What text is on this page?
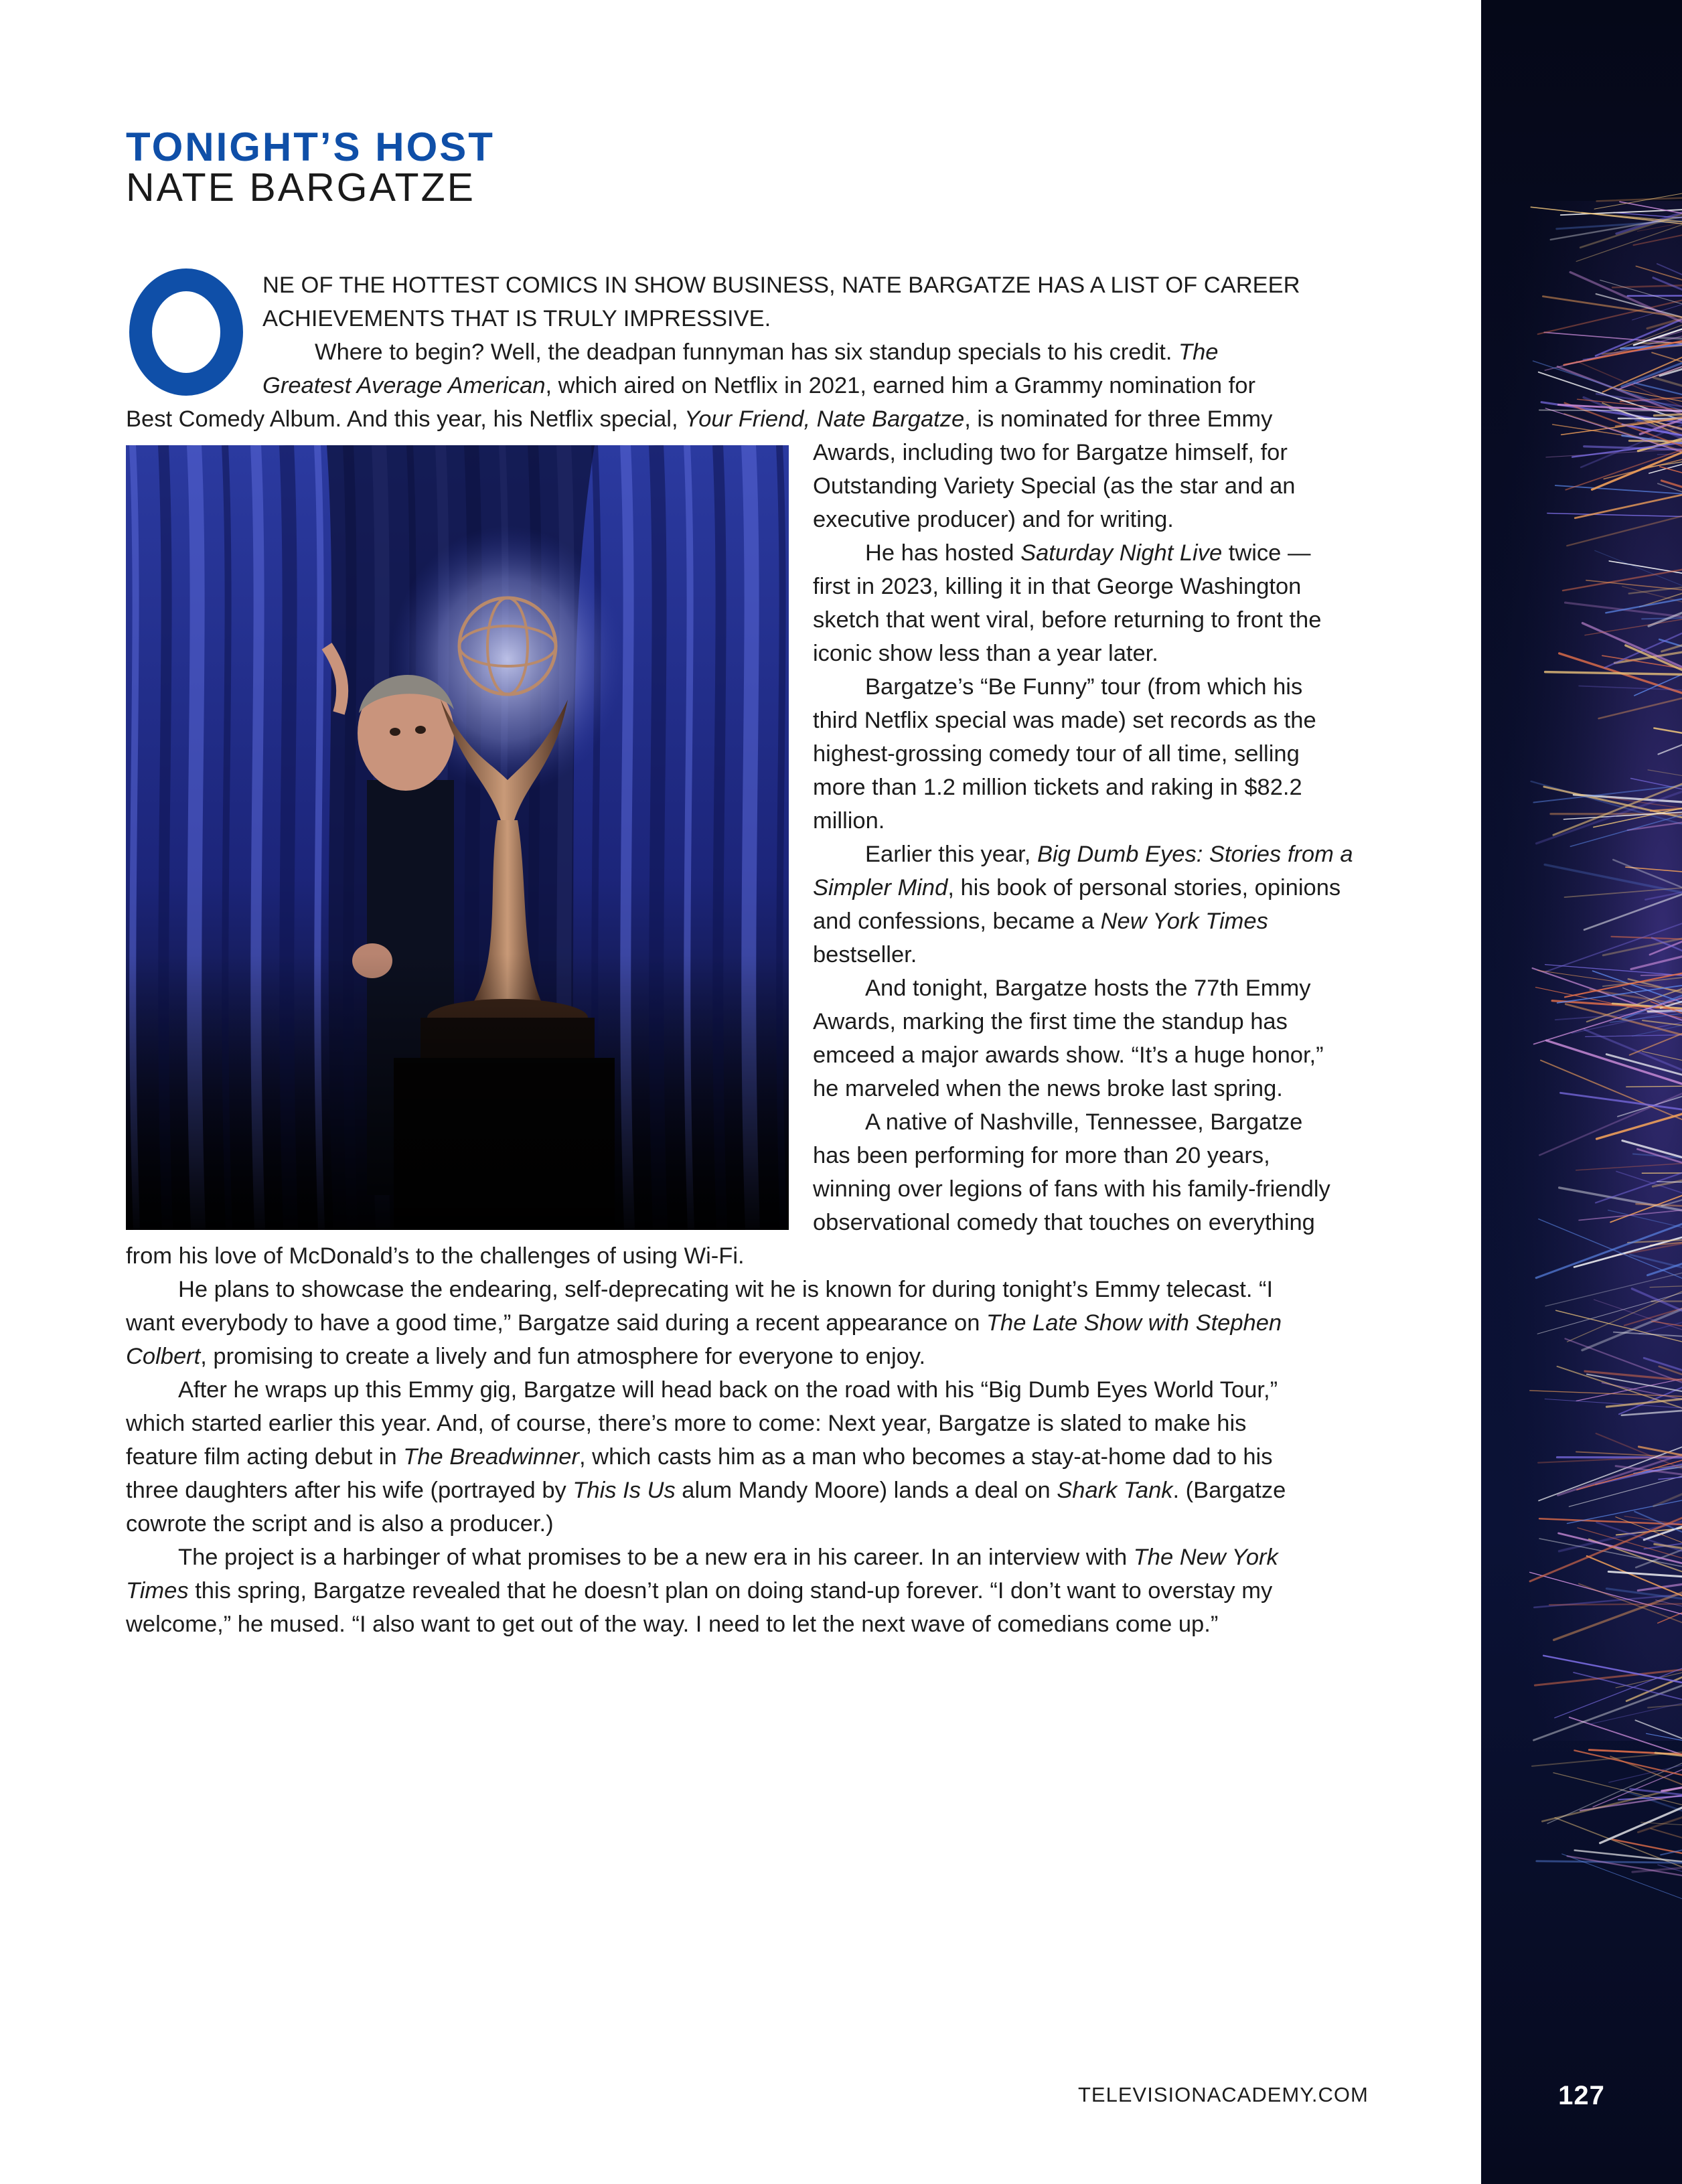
127
TONIGHT’S HOST
NATE BARGATZE
NE OF THE HOTTEST COMICS IN SHOW BUSINESS, NATE BARGATZE HAS A LIST OF CAREER
ACHIEVEMENTS THAT IS TRULY IMPRESSIVE.
Where to begin? Well, the deadpan funnyman has six standup specials to his credit. The
Greatest Average American, which aired on Netflix in 2021, earned him a Grammy nomination for
Best Comedy Album. And this year, his Netflix special, Your Friend, Nate Bargatze, is nominated for three Emmy
Awards, including two for Bargatze himself, for
Outstanding Variety Special (as the star and an
executive producer) and for writing.
He has hosted Saturday Night Live twice —
first in 2023, killing it in that George Washington
sketch that went viral, before returning to front the
iconic show less than a year later.
Bargatze’s “Be Funny” tour (from which his
third Netflix special was made) set records as the
highest-grossing comedy tour of all time, selling
more than 1.2 million tickets and raking in $82.2
million.
Earlier this year, Big Dumb Eyes: Stories from a
Simpler Mind, his book of personal stories, opinions
and confessions, became a New York Times
bestseller.
And tonight, Bargatze hosts the 77th Emmy
Awards, marking the first time the standup has
emceed a major awards show. “It’s a huge honor,”
he marveled when the news broke last spring.
A native of Nashville, Tennessee, Bargatze
has been performing for more than 20 years,
winning over legions of fans with his family-friendly
observational comedy that touches on everything
from his love of McDonald’s to the challenges of using Wi-Fi.
He plans to showcase the endearing, self-deprecating wit he is known for during tonight’s Emmy telecast. “I
want everybody to have a good time,” Bargatze said during a recent appearance on The Late Show with Stephen
Colbert, promising to create a lively and fun atmosphere for everyone to enjoy.
After he wraps up this Emmy gig, Bargatze will head back on the road with his “Big Dumb Eyes World Tour,”
which started earlier this year. And, of course, there’s more to come: Next year, Bargatze is slated to make his
feature film acting debut in The Breadwinner, which casts him as a man who becomes a stay-at-home dad to his
three daughters after his wife (portrayed by This Is Us alum Mandy Moore) lands a deal on Shark Tank. (Bargatze
cowrote the script and is also a producer.)
The project is a harbinger of what promises to be a new era in his career. In an interview with The New York
Times this spring, Bargatze revealed that he doesn’t plan on doing stand-up forever. “I don’t want to overstay my
welcome,” he mused. “I also want to get out of the way. I need to let the next wave of comedians come up.”
TELEVISIONACADEMY.COM
